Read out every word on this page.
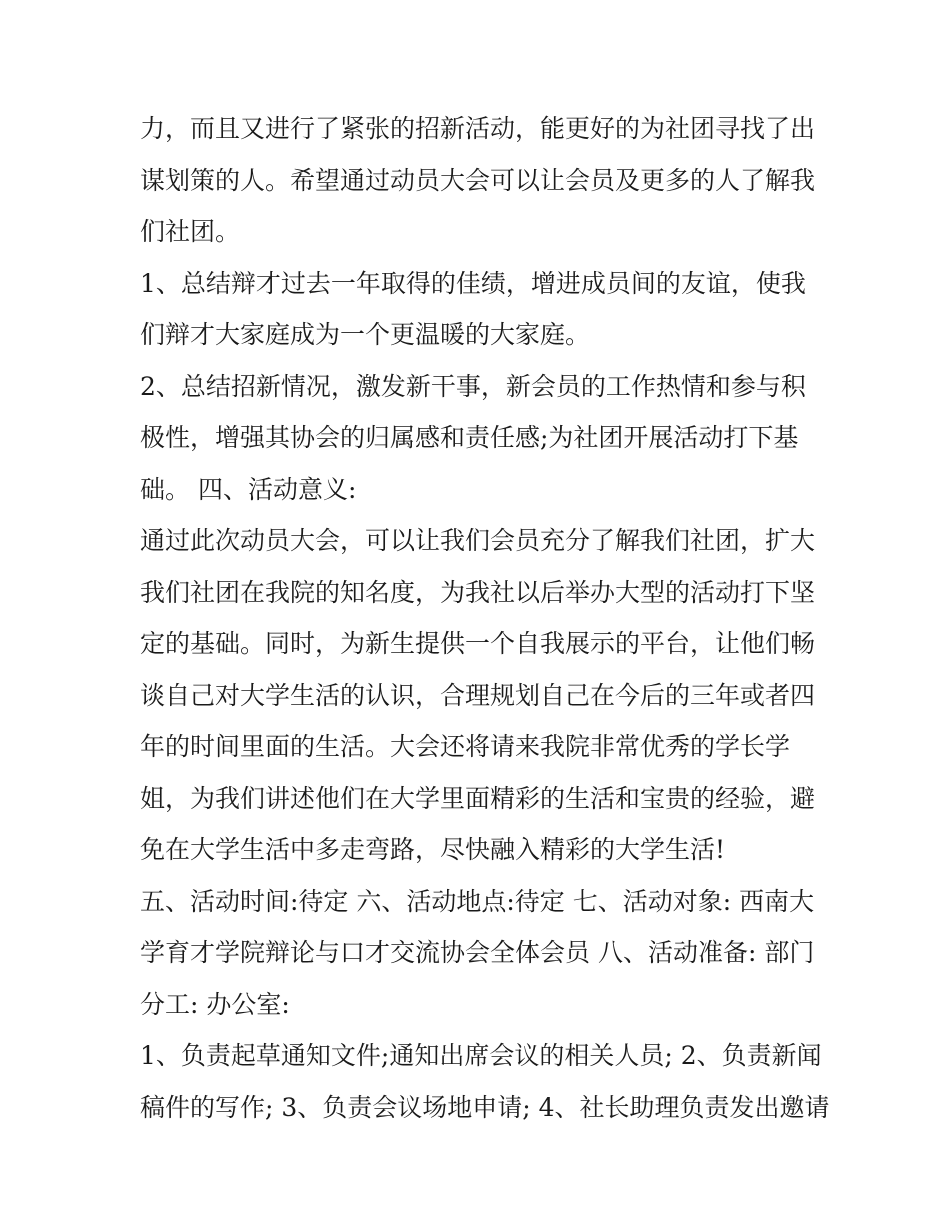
力，而且又进行了紧张的招新活动，能更好的为社团寻找了出
谋划策的人。希望通过动员大会可以让会员及更多的人了解我
们社团。
1、总结辩才过去一年取得的佳绩，增进成员间的友谊，使我
们辩才大家庭成为一个更温暖的大家庭。
2、总结招新情况，激发新干事，新会员的工作热情和参与积
极性，增强其协会的归属感和责任感;为社团开展活动打下基
础。 四、活动意义:
通过此次动员大会，可以让我们会员充分了解我们社团，扩大
我们社团在我院的知名度，为我社以后举办大型的活动打下坚
定的基础。同时，为新生提供一个自我展示的平台，让他们畅
谈自己对大学生活的认识，合理规划自己在今后的三年或者四
年的时间里面的生活。大会还将请来我院非常优秀的学长学
姐，为我们讲述他们在大学里面精彩的生活和宝贵的经验，避
免在大学生活中多走弯路，尽快融入精彩的大学生活!
五、活动时间:待定 六、活动地点:待定 七、活动对象: 西南大
学育才学院辩论与口才交流协会全体会员 八、活动准备: 部门
分工: 办公室:
1、负责起草通知文件;通知出席会议的相关人员; 2、负责新闻
稿件的写作; 3、负责会议场地申请; 4、社长助理负责发出邀请
